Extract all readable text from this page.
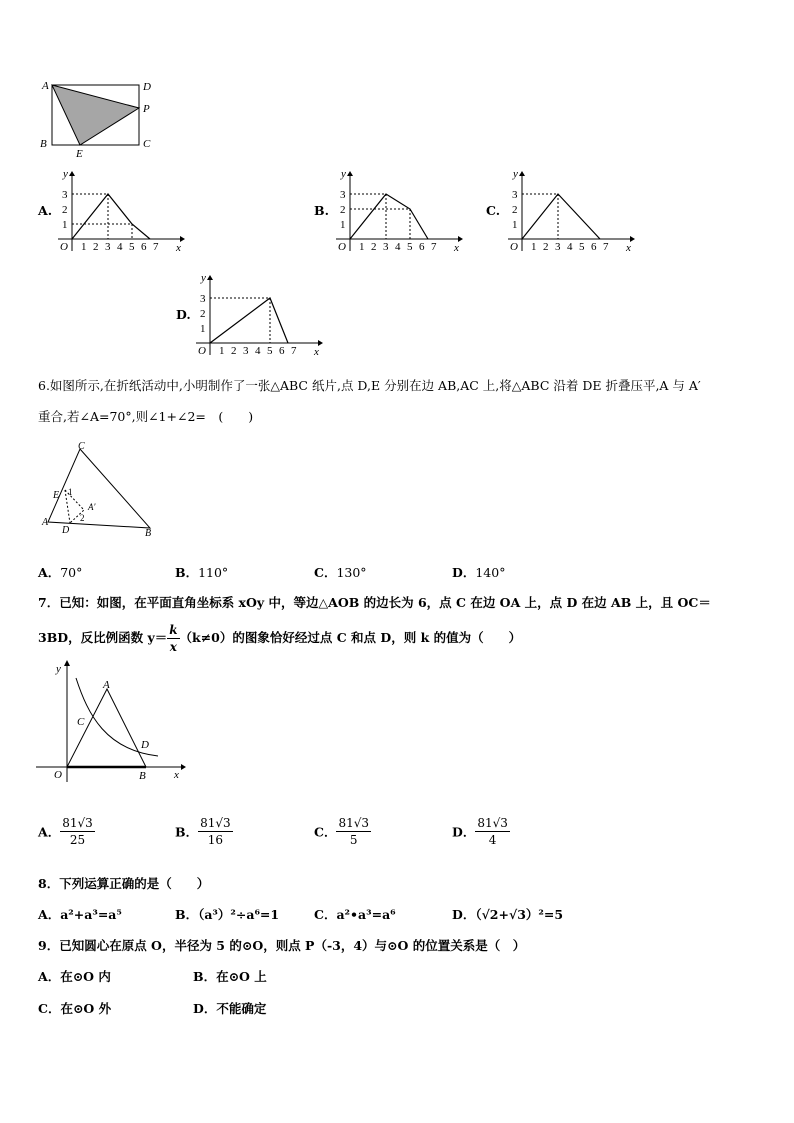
A
B	C
D
E
P
A.	B.	C.
D.
y
x
O 1 2 3 4 5 6 7
1
2
3
y
x
O 1 2 3 4 5 6 7
1
2
3
y
x
O 1 2 3 4 5 6 7
1
2
3
y
x
O 1 2 3 4 5 6 7
1
2
3
6.如图所示,在折纸活动中,小明制作了一张△ABC 纸片,点 D,E 分别在边 AB,AC 上,将△ABC 沿着 DE 折叠压平,A 与 A′
重合,若∠A=70°,则∠1+∠2=　(　　)
C
E 1
A′
2
A
D	B
A．70°	B．110°	C．130°	D．140°
7．已知：如图，在平面直角坐标系 xOy 中，等边△AOB 的边长为 6，点 C 在边 OA 上，点 D 在边 AB 上，且 OC＝
3BD，反比例函数 $y= \frac{k}{x} (k\ne 0)$的图象恰好经过点 C 和点 D，则 k 的值为（　　）
y
x
O
A
B
C
D
A． $\frac{81√3}{25}$	B． $\frac{81√3}{16}$	C． $\frac{81√3}{5}$	D． $\frac{81√3}{4}$
8．下列运算正确的是（　　）
A．a²+a³=a⁵	B．（a³）²÷a⁶=1	C．a²•a³=a⁶	D．（√2+√3）²=5
9．已知圆心在原点 O，半径为 5 的⊙O，则点 P（-3，4）与⊙O 的位置关系是（　）
A．在⊙O 内	B．在⊙O 上
C．在⊙O 外	D．不能确定
